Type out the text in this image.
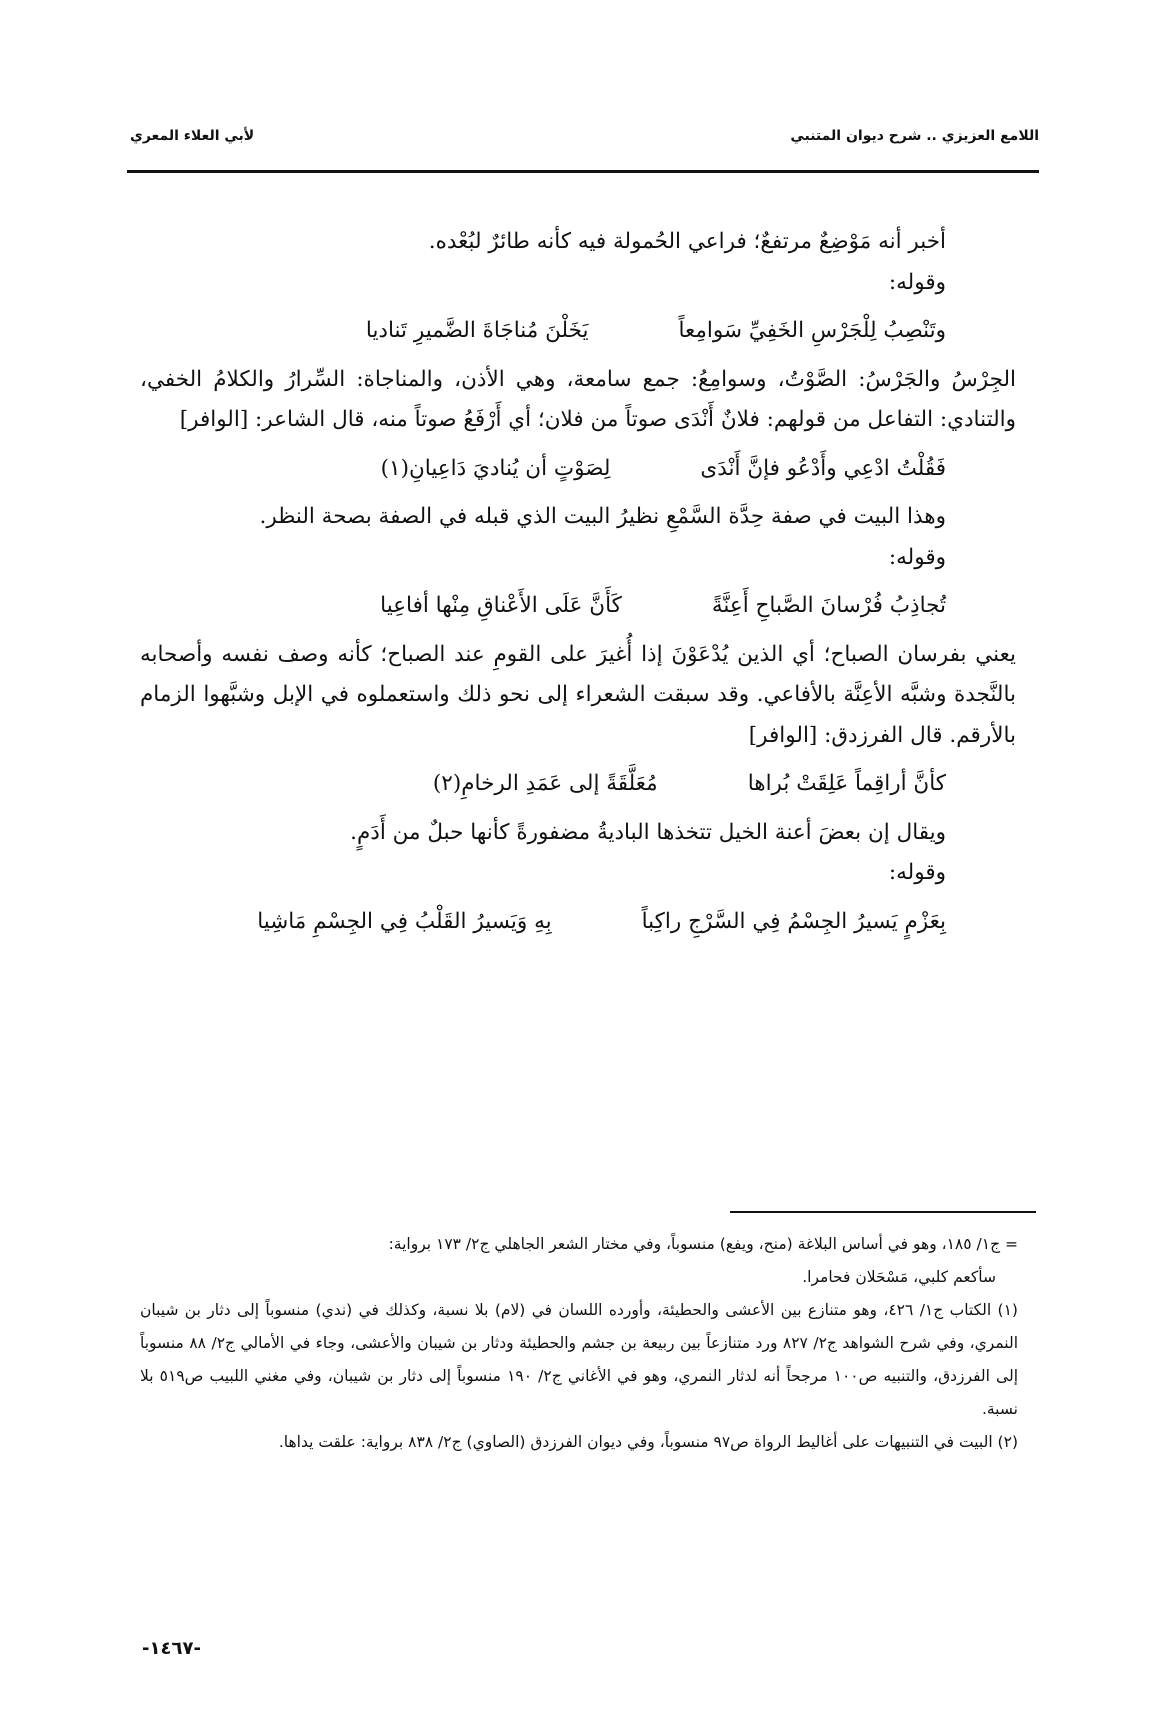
لأبي العلاء المعري	اللامع العزيزي .. شرح ديوان المتنبي

أخبر أنه مَوْضِعٌ مرتفعٌ؛ فراعي الحُمولة فيه كأنه طائرٌ لبُعْده.

وقوله:

وتَنْصِبُ لِلْجَرْسِ الخَفِيِّ سَوامِعاً
يَخَلْنَ مُناجَاةَ الضَّميرِ تَناديا

الجِرْسُ والجَرْسُ: الصَّوْتُ، وسوامِعُ: جمع سامعة، وهي الأذن، والمناجاة: السِّرارُ والكلامُ الخفي، والتنادي: التفاعل من قولهم: فلانٌ أَنْدَى صوتاً من فلان؛ أي أَرْفَعُ صوتاً منه، قال الشاعر: [الوافر]

فَقُلْتُ ادْعِي وأَدْعُو فإنَّ أَنْدَى
لِصَوْتٍ أن يُناديَ دَاعِيانِ(١)

وهذا البيت في صفة حِدَّة السَّمْعِ نظيرُ البيت الذي قبله في الصفة بصحة النظر.

وقوله:

تُجاذِبُ فُرْسانَ الصَّباحِ أَعِنَّةً
كَأَنَّ عَلَى الأَعْناقِ مِنْها أفاعِيا

يعني بفرسان الصباح؛ أي الذين يُدْعَوْنَ إذا أُغيرَ على القومِ عند الصباح؛ كأنه وصف نفسه وأصحابه بالنَّجدة وشبَّه الأعِنَّة بالأفاعي. وقد سبقت الشعراء إلى نحو ذلك واستعملوه في الإبل وشبَّهوا الزمام بالأرقم. قال الفرزدق: [الوافر]

كأنَّ أراقِماً عَلِقَتْ بُراها
مُعَلَّقَةً إلى عَمَدِ الرخامِ(٢)

ويقال إن بعضَ أعنة الخيل تتخذها الباديةُ مضفورةً كأنها حبلٌ من أَدَمٍ.

وقوله:

بِعَزْمٍ يَسيرُ الجِسْمُ فِي السَّرْجِ راكِباً
بِهِ وَيَسيرُ القَلْبُ فِي الجِسْمِ مَاشِيا

= ج١/ ١٨٥، وهو في أساس البلاغة (منح، ويفع) منسوباً، وفي مختار الشعر الجاهلي ج٢/ ١٧٣ برواية:

سأكعم كلبي، مَسْحَلان فحامرا.

(١) الكتاب ج١/ ٤٢٦، وهو متنازع بين الأعشى والحطيئة، وأورده اللسان في (لام) بلا نسبة، وكذلك في (ندي) منسوباً إلى دثار بن شيبان النمري، وفي شرح الشواهد ج٢/ ٨٢٧ ورد متنازعاً بين ربيعة بن جشم والحطيئة ودثار بن شيبان والأعشى، وجاء في الأمالي ج٢/ ٨٨ منسوباً إلى الفرزدق، والتنبيه ص١٠٠ مرجحاً أنه لدثار النمري، وهو في الأغاني ج٢/ ١٩٠ منسوباً إلى دثار بن شيبان، وفي مغني اللبيب ص٥١٩ بلا نسبة.

(٢) البيت في التنبيهات على أغاليط الرواة ص٩٧ منسوباً، وفي ديوان الفرزدق (الصاوي) ج٢/ ٨٣٨ برواية: علقت يداها.

-١٤٦٧-
